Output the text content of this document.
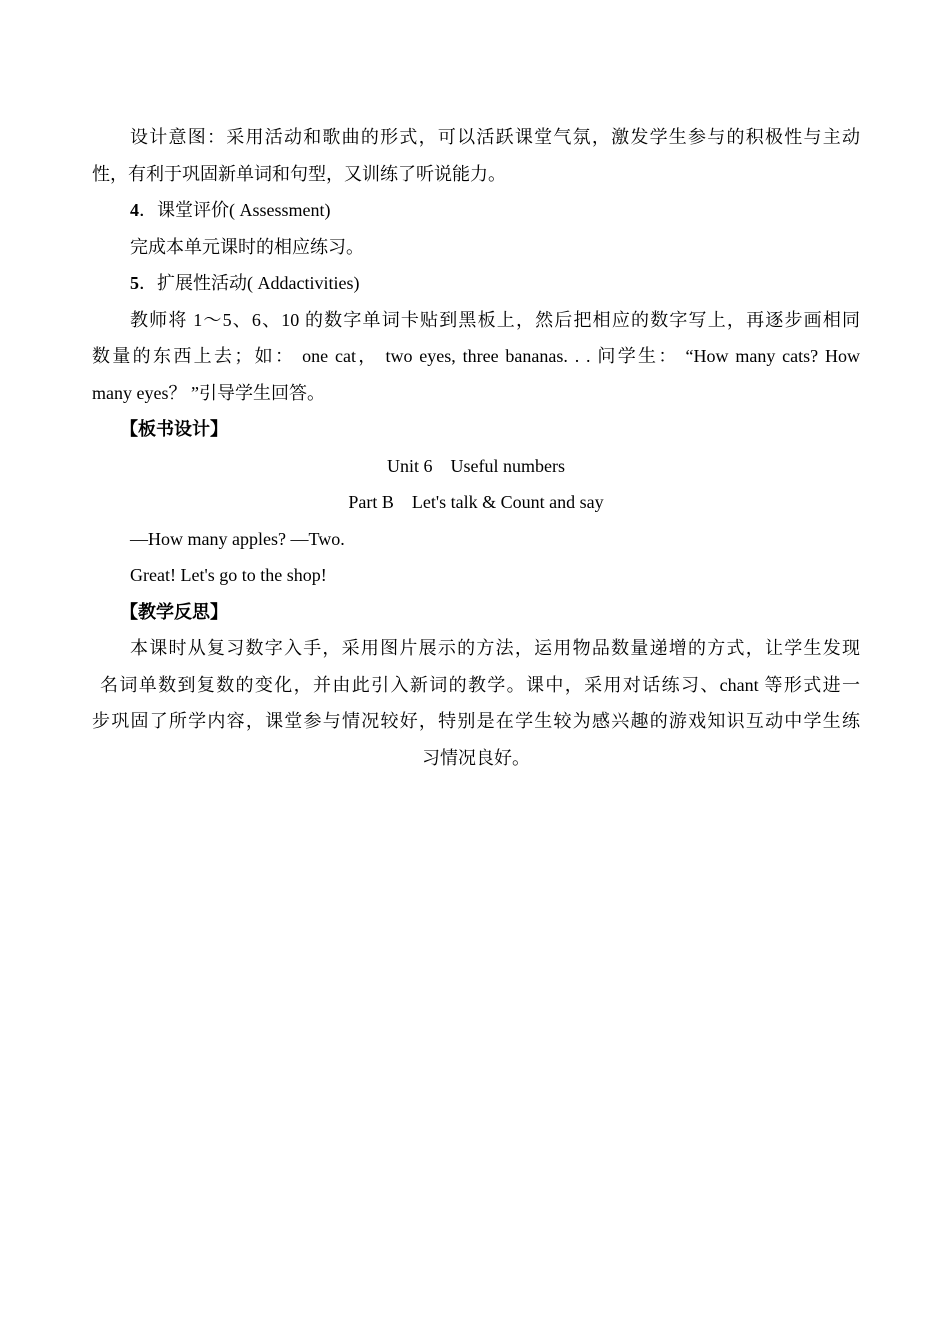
设计意图：采用活动和歌曲的形式，可以活跃课堂气氛，激发学生参与的积极性与主动
性，有利于巩固新单词和句型，又训练了听说能力。
4．课堂评价( Assessment)
完成本单元课时的相应练习。
5．扩展性活动( Addactivities)
教师将 1～5、6、10 的数字单词卡贴到黑板上，然后把相应的数字写上，再逐步画相同
数量的东西上去；如： one cat， two eyes, three bananas. . . 问学生： “How many cats? How
many eyes？ ”引导学生回答。
【板书设计】
Unit 6    Useful numbers
Part B    Let's talk & Count and say
—How many apples? —Two.
Great! Let's go to the shop!
【教学反思】
本课时从复习数字入手，采用图片展示的方法，运用物品数量递增的方式，让学生发现
名词单数到复数的变化，并由此引入新词的教学。课中，采用对话练习、chant 等形式进一
步巩固了所学内容，课堂参与情况较好，特别是在学生较为感兴趣的游戏知识互动中学生练
习情况良好。
